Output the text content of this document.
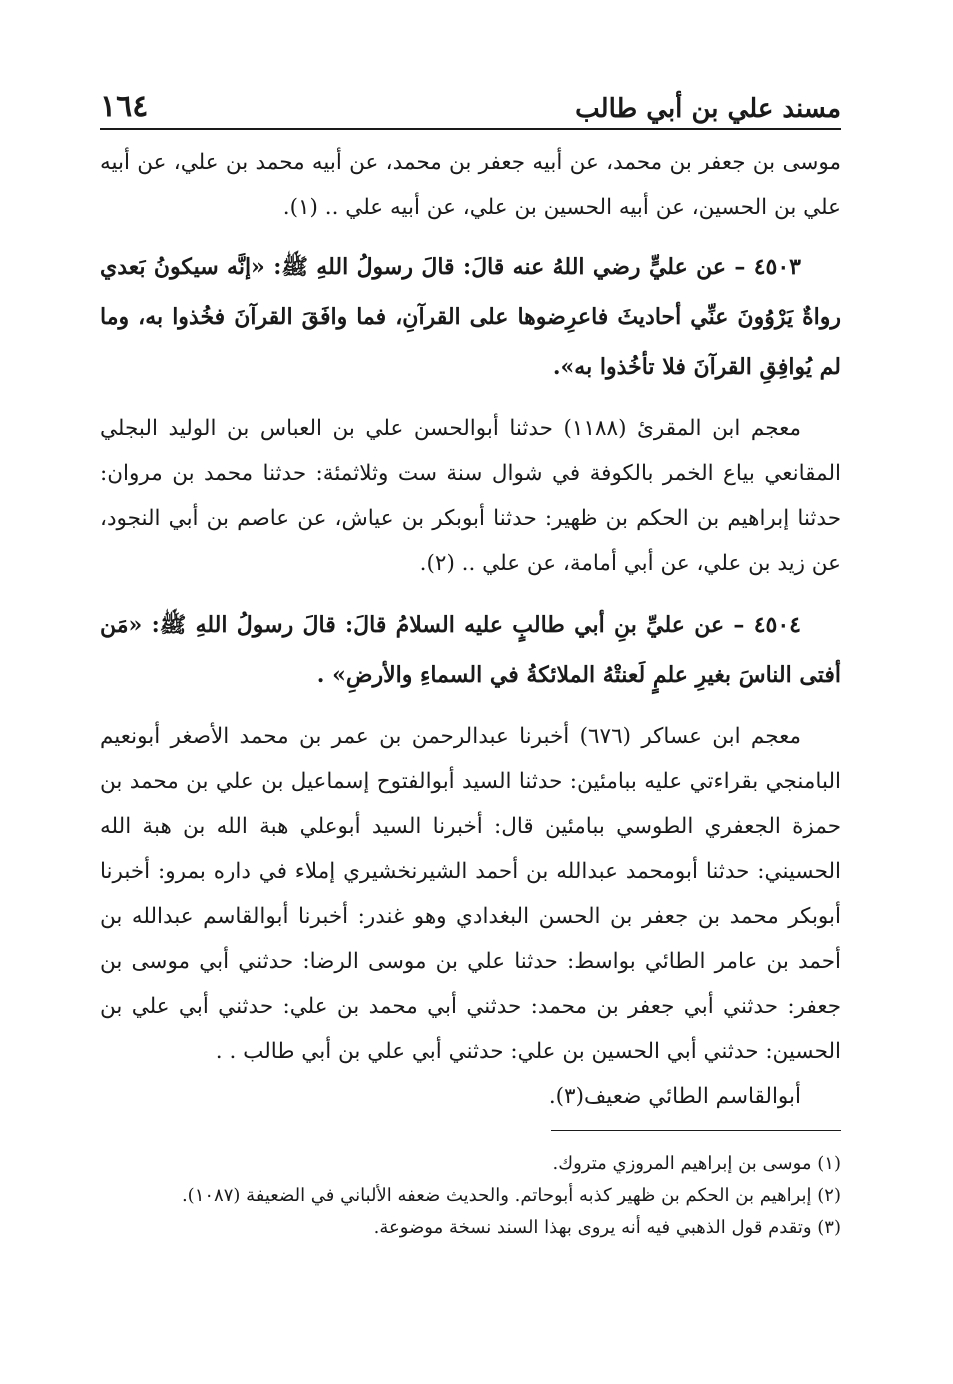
مسند علي بن أبي طالب
١٦٤

موسى بن جعفر بن محمد، عن أبيه جعفر بن محمد، عن أبيه محمد بن علي، عن أبيه علي بن الحسين، عن أبيه الحسين بن علي، عن أبيه علي .. (١).

٤٥٠٣ – عن عليٍّ رضي اللهُ عنه قالَ: قالَ رسولُ اللهِ ﷺ: «إنَّه سيكونُ بَعدي رواةٌ يَرْوُونَ عنِّي أحاديثَ فاعرِضوها على القرآنِ، فما وافَقَ القرآنَ فخُذوا به، وما لم يُوافِقِ القرآنَ فلا تأخُذوا به».

معجم ابن المقرئ (١١٨٨) حدثنا أبوالحسن علي بن العباس بن الوليد البجلي المقانعي بياع الخمر بالكوفة في شوال سنة ست وثلاثمئة: حدثنا محمد بن مروان: حدثنا إبراهيم بن الحكم بن ظهير: حدثنا أبوبكر بن عياش، عن عاصم بن أبي النجود، عن زيد بن علي، عن أبي أمامة، عن علي .. (٢).

٤٥٠٤ – عن عليِّ بنِ أبي طالبٍ عليه السلامُ قالَ: قالَ رسولُ اللهِ ﷺ: «مَن أفتى الناسَ بغيرِ علمٍ لَعنتْهُ الملائكةُ في السماءِ والأرضِ» .

معجم ابن عساكر (٦٧٦) أخبرنا عبدالرحمن بن عمر بن محمد الأصغر أبونعيم البامنجي بقراءتي عليه ببامئين: حدثنا السيد أبوالفتوح إسماعيل بن علي بن محمد بن حمزة الجعفري الطوسي ببامئين قال: أخبرنا السيد أبوعلي هبة الله بن هبة الله الحسيني: حدثنا أبومحمد عبدالله بن أحمد الشيرنخشيري إملاء في داره بمرو: أخبرنا أبوبكر محمد بن جعفر بن الحسن البغدادي وهو غندر: أخبرنا أبوالقاسم عبدالله بن أحمد بن عامر الطائي بواسط: حدثنا علي بن موسى الرضا: حدثني أبي موسى بن جعفر: حدثني أبي جعفر بن محمد: حدثني أبي محمد بن علي: حدثني أبي علي بن الحسين: حدثني أبي الحسين بن علي: حدثني أبي علي بن أبي طالب . .

أبوالقاسم الطائي ضعيف(٣).

(١) موسى بن إبراهيم المروزي متروك.

(٢) إبراهيم بن الحكم بن ظهير كذبه أبوحاتم. والحديث ضعفه الألباني في الضعيفة (١٠٨٧).

(٣) وتقدم قول الذهبي فيه أنه يروى بهذا السند نسخة موضوعة.
